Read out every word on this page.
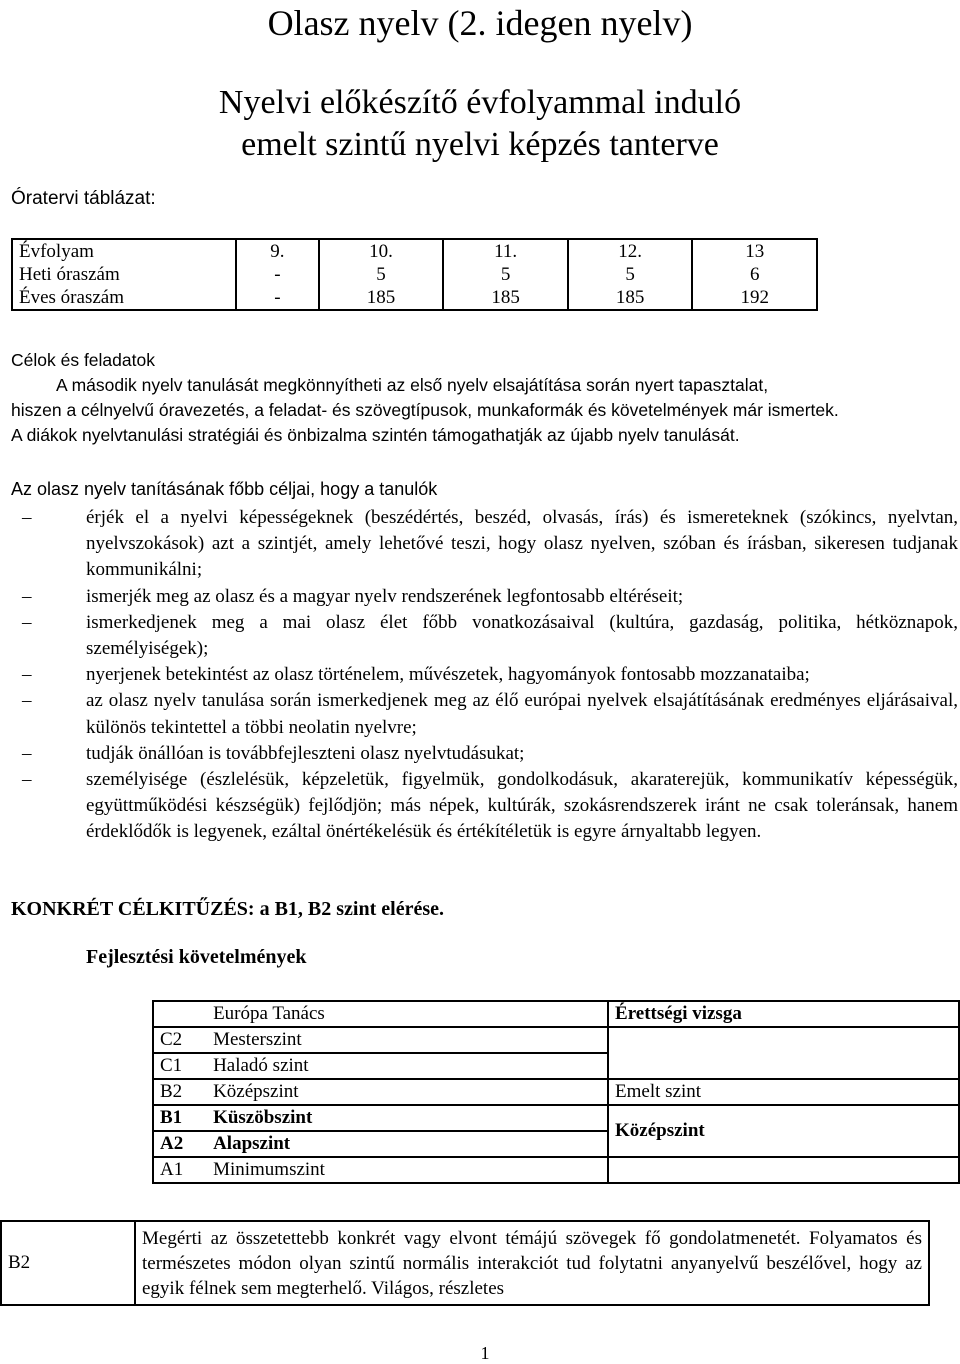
Olasz nyelv (2. idegen nyelv)
Nyelvi előkészítő évfolyammal induló
emelt szintű nyelvi képzés tanterve
Óratervi táblázat:
Évfolyam	9.	10.	11.	12.	13
Heti óraszám	-	5	5	5	6
Éves óraszám	-	185	185	185	192

Célok és feladatok

A második nyelv tanulását megkönnyítheti az első nyelv elsajátítása során nyert tapasztalat,

hiszen a célnyelvű óravezetés, a feladat- és szövegtípusok, munkaformák és követelmények már ismertek.

A diákok nyelvtanulási stratégiái és önbizalma szintén támogathatják az újabb nyelv tanulását.

Az olasz nyelv tanításának főbb céljai, hogy a tanulók
–	érjék el a nyelvi képességeknek (beszédértés, beszéd, olvasás, írás) és ismereteknek (szókincs, nyelvtan, nyelvszokások) azt a szintjét, amely lehetővé teszi, hogy olasz nyelven, szóban és írásban, sikeresen tudjanak kommunikálni;
–	ismerjék meg az olasz és a magyar nyelv rendszerének legfontosabb eltéréseit;
–	ismerkedjenek meg a mai olasz élet főbb vonatkozásaival (kultúra, gazdaság, politika, hétköznapok, személyiségek);
–	nyerjenek betekintést az olasz történelem, művészetek, hagyományok fontosabb mozzanataiba;
–	az olasz nyelv tanulása során ismerkedjenek meg az élő európai nyelvek elsajátításának eredményes eljárásaival, különös tekintettel a többi neolatin nyelvre;
–	tudják önállóan is továbbfejleszteni olasz nyelvtudásukat;
–	személyisége (észlelésük, képzeletük, figyelmük, gondolkodásuk, akaraterejük, kommunikatív képességük, együttműködési készségük) fejlődjön; más népek, kultúrák, szokásrendszerek iránt ne csak toleránsak, hanem érdeklődők is legyenek, ezáltal önértékelésük és értékítéletük is egyre árnyaltabb legyen.
KONKRÉT CÉLKITŰZÉS: a B1, B2 szint elérése.
Fejlesztési követelmények
	Európa Tanács	Érettségi vizsga
C2	Mesterszint	
C1	Haladó szint	
B2	Középszint	Emelt szint
B1	Küszöbszint	Középszint
A2	Alapszint	
A1	Minimumszint	
B2	Megérti az összetettebb konkrét vagy elvont témájú szövegek fő gondolatmenetét. Folyamatos és természetes módon olyan szintű normális interakciót tud folytatni anyanyelvű beszélővel, hogy az egyik félnek sem megterhelő. Világos, részletes
1
